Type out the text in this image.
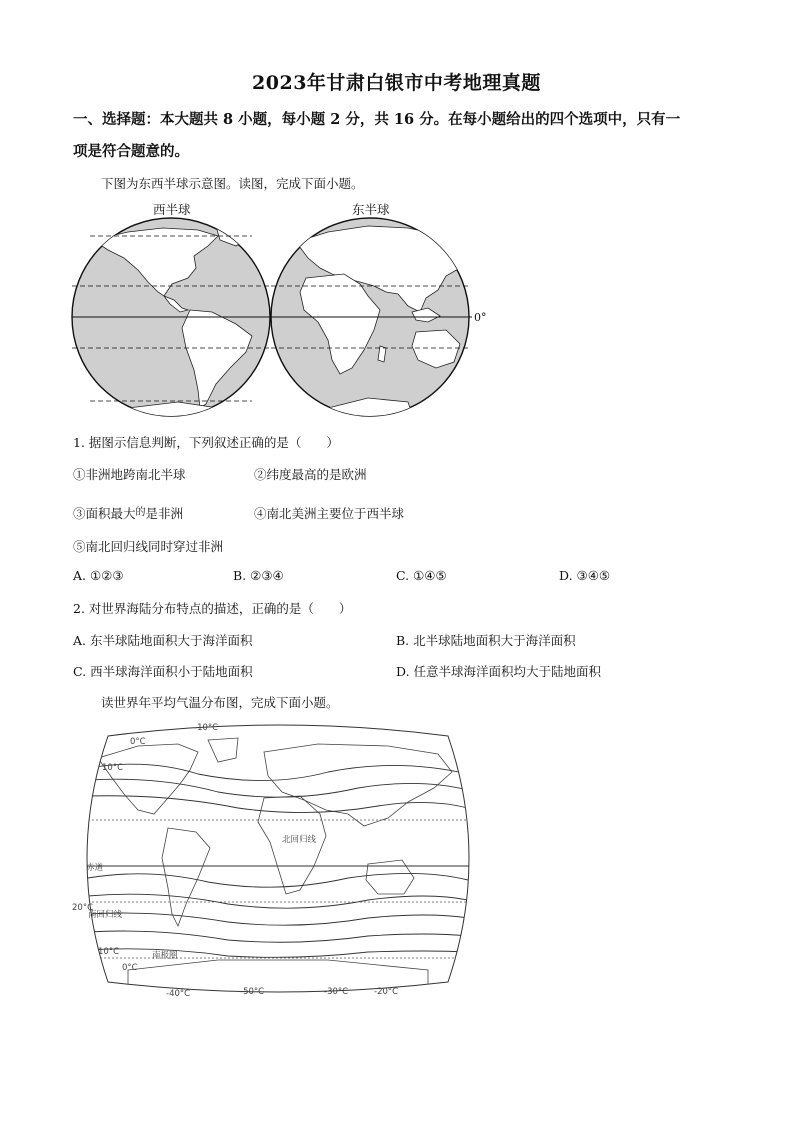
2023年甘肃白银市中考地理真题
一、选择题：本大题共 8 小题，每小题 2 分，共 16 分。在每小题给出的四个选项中，只有一
项是符合题意的。
下图为东西半球示意图。读图，完成下面小题。
西半球	东半球
0°
1. 据图示信息判断，下列叙述正确的是（　　）
①非洲地跨南北半球	②纬度最高的是欧洲
③面积最大$^的$是非洲	④南北美洲主要位于西半球
⑤南北回归线同时穿过非洲
A. ①②③	B. ②③④	C. ①④⑤	D. ③④⑤
2. 对世界海陆分布特点的描述，正确的是（　　）
A. 东半球陆地面积大于海洋面积	B. 北半球陆地面积大于海洋面积
C. 西半球海洋面积小于陆地面积	D. 任意半球海洋面积均大于陆地面积
读世界年平均气温分布图，完成下面小题。
-10°C
0°C
10°C
北回归线
赤道
20°C
南回归线
10°C
0°C
南极圈
-40°C	-50°C	-30°C	-20°C
